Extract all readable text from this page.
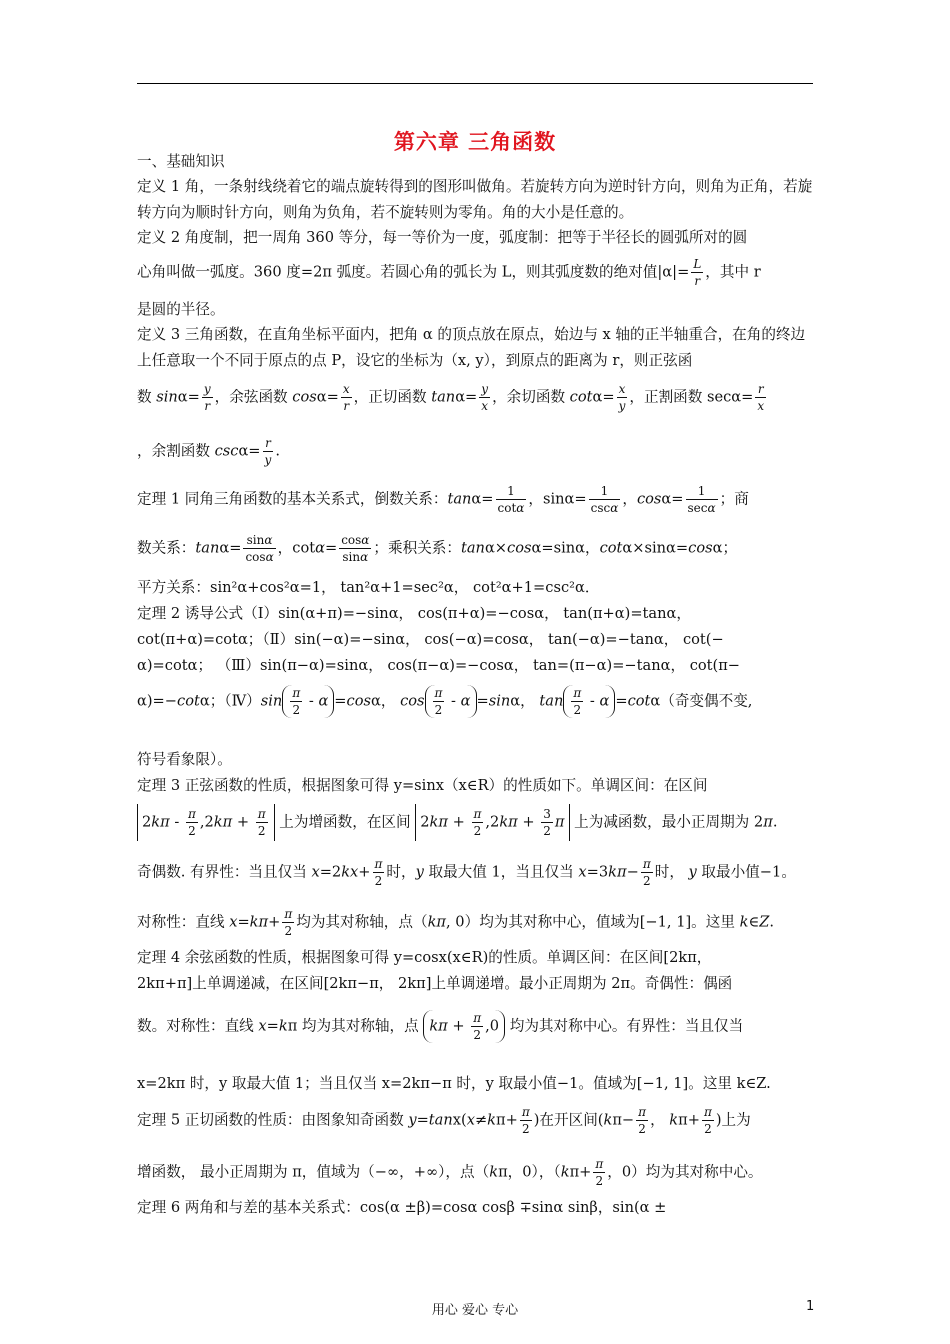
第六章 三角函数
一、基础知识
定义 1 角，一条射线绕着它的端点旋转得到的图形叫做角。若旋转方向为逆时针方向，则角为正角，若旋转方向为顺时针方向，则角为负角，若不旋转则为零角。角的大小是任意的。
定义 2 角度制，把一周角 360 等分，每一等价为一度，弧度制：把等于半径长的圆弧所对的圆
心角叫做一弧度。360 度=2π 弧度。若圆心角的弧长为 L，则其弧度数的绝对值$|\alpha|= \frac{L}{r}$ ，其中 r
是圆的半径。
定义 3 三角函数，在直角坐标平面内，把角 α 的顶点放在原点，始边与 x 轴的正半轴重合，在角的终边上任意取一个不同于原点的点 P，设它的坐标为（x, y），到原点的距离为 r，则正弦函
数 $\sin\alpha= \frac{y}{r}$ ，余弦函数 $\cos\alpha= \frac{x}{r}$ ，正切函数 $\tan\alpha= \frac{y}{x}$ ，余切函数 $\cot\alpha= \frac{x}{y}$ ，正割函数 $\sec\alpha= \frac{r}{x}$
，余割函数 $\csc\alpha= \frac{r}{y}$ .
定理 1 同角三角函数的基本关系式，倒数关系：$\tan\alpha= \frac{1}{\cot\alpha}$ ，$\sin\alpha= \frac{1}{\csc\alpha}$ ，$\cos\alpha= \frac{1}{\sec\alpha}$ ；商
数关系：$\tan\alpha= \frac{\sin\alpha}{\cos\alpha}$ ，$\cot\alpha= \frac{\cos\alpha}{\sin\alpha}$ ；乘积关系：tanα×cosα=sinα，cotα×sinα=cosα；
平方关系：sin²α+cos²α=1， tan²α+1=sec²α， cot²α+1=csc²α．
定理 2 诱导公式（Ⅰ）sin(α+π)=−sinα， cos(π+α)=−cosα， tan(π+α)=tanα，
cot(π+α)=cotα；（Ⅱ）sin(−α)=−sinα， cos(−α)=cosα， tan(−α)=−tanα， cot(−
α)=cotα； （Ⅲ）sin(π−α)=sinα， cos(π−α)=−cosα， tan=(π−α)=−tanα， cot(π−
α)=−cotα；（Ⅳ）sin $\frac{\pi}{2} - \alpha =\cos\alpha$， $\cos \frac{\pi}{2} - \alpha =\sin\alpha$， $\tan \frac{\pi}{2} - \alpha =\cot\alpha$（奇变偶不变,
符号看象限）。
定理 3 正弦函数的性质，根据图象可得 y=sinx（x∈R）的性质如下。单调区间：在区间
$2k\pi - \frac{\pi}{2} ,2k\pi + \frac{\pi}{2}$ 上为增函数，在区间 $2k\pi + \frac{\pi}{2} ,2k\pi + \frac{3}{2}$ π 上为减函数，最小正周期为 2π.
奇偶数. 有界性：当且仅当 $x=2kx+ \frac{\pi}{2}$ 时，y 取最大值 1，当且仅当 $x=3k\pi- \frac{\pi}{2}$ 时， y 取最小值−1。
对称性：直线 $x=k\pi+ \frac{\pi}{2}$ 均为其对称轴，点（kπ, 0）均为其对称中心，值域为[−1, 1]。这里 k∈Z.
定理 4 余弦函数的性质，根据图象可得 y=cosx(x∈R)的性质。单调区间：在区间[2kπ，
2kπ+π]上单调递减，在区间[2kπ−π， 2kπ]上单调递增。最小正周期为 2π。奇偶性：偶函
数。对称性：直线 x=kπ 均为其对称轴，点 $k\pi + \frac{\pi}{2} ,0$ 均为其对称中心。有界性：当且仅当
x=2kπ 时，y 取最大值 1；当且仅当 x=2kπ−π 时，y 取最小值−1。值域为[−1, 1]。这里 k∈Z.
定理 5 正切函数的性质：由图象知奇函数 $y=\tan x(x\ne k\pi+ \frac{\pi}{2}$ )在开区间($k\pi- \frac{\pi}{2}$ ， $k\pi+ \frac{\pi}{2}$ )上为
增函数， 最小正周期为 π，值域为（−∞，+∞），点（kπ，0），（$k\pi+ \frac{\pi}{2}$ ，0）均为其对称中心。
定理 6 两角和与差的基本关系式：cos(α ±β)=cosα cosβ ∓sinα sinβ，sin(α ±
用心 爱心 专心	1
